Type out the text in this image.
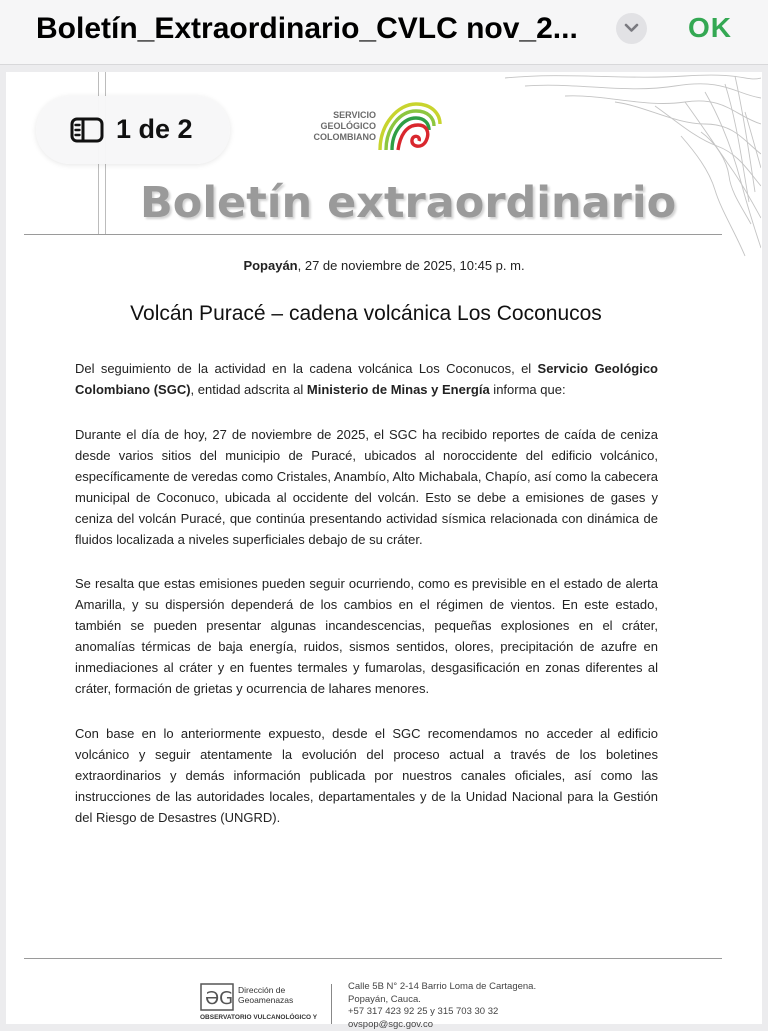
Boletín_Extraordinario_CVLC nov_2...	OK
1 de 2	SERVICIO
GEOLÓGICO
COLOMBIANO
Boletín extraordinario
Popayán, 27 de noviembre de 2025, 10:45 p. m.
Volcán Puracé – cadena volcánica Los Coconucos
Del seguimiento de la actividad en la cadena volcánica Los Coconucos, el Servicio Geológico Colombiano (SGC), entidad adscrita al Ministerio de Minas y Energía informa que:
Durante el día de hoy, 27 de noviembre de 2025, el SGC ha recibido reportes de caída de ceniza desde varios sitios del municipio de Puracé, ubicados al noroccidente del edificio volcánico, específicamente de veredas como Cristales, Anambío, Alto Michabala, Chapío, así como la cabecera municipal de Coconuco, ubicada al occidente del volcán. Esto se debe a emisiones de gases y ceniza del volcán Puracé, que continúa presentando actividad sísmica relacionada con dinámica de fluidos localizada a niveles superficiales debajo de su cráter.
Se resalta que estas emisiones pueden seguir ocurriendo, como es previsible en el estado de alerta Amarilla, y su dispersión dependerá de los cambios en el régimen de vientos. En este estado, también se pueden presentar algunas incandescencias, pequeñas explosiones en el cráter, anomalías térmicas de baja energía, ruidos, sismos sentidos, olores, precipitación de azufre en inmediaciones al cráter y en fuentes termales y fumarolas, desgasificación en zonas diferentes al cráter, formación de grietas y ocurrencia de lahares menores.
Con base en lo anteriormente expuesto, desde el SGC recomendamos no acceder al edificio volcánico y seguir atentamente la evolución del proceso actual a través de los boletines extraordinarios y demás información publicada por nuestros canales oficiales, así como las instrucciones de las autoridades locales, departamentales y de la Unidad Nacional para la Gestión del Riesgo de Desastres (UNGRD).
ƏG Dirección de
Geoamenazas
OBSERVATORIO VULCANOLÓGICO Y
Calle 5B N° 2-14 Barrio Loma de Cartagena.
Popayán, Cauca.
+57 317 423 92 25 y 315 703 30 32
ovspop@sgc.gov.co
